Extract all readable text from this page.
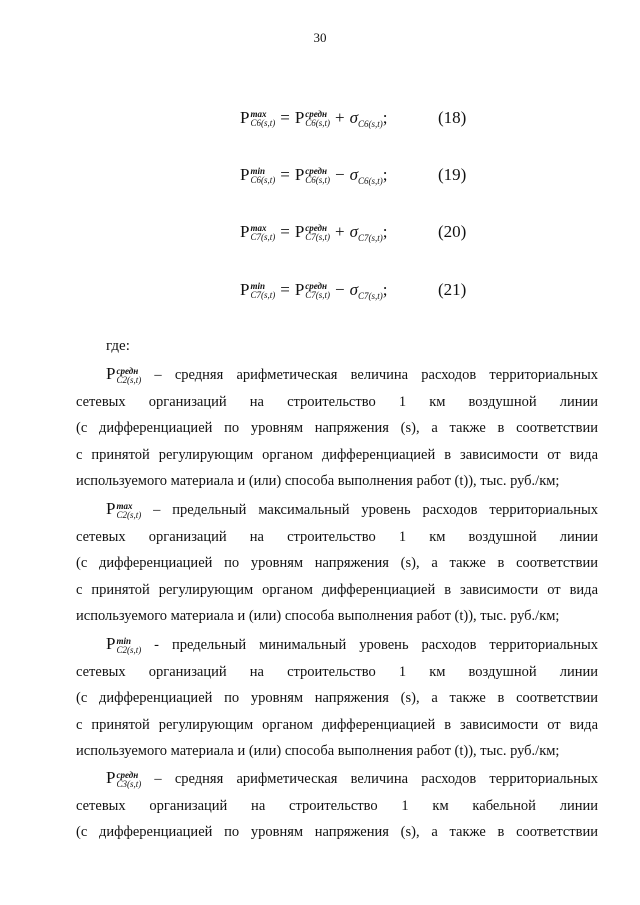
30
P max
C6(s,t) = P средн
$C6(s,t) + \sigma_{C6(s,t)}$;	(18)
P min
C6(s,t) = P средн
$C6(s,t) - \sigma_{C6(s,t)}$;	(19)
P max
C7(s,t) = P средн
$C7(s,t) + \sigma_{C7(s,t)}$;	(20)
P min
C7(s,t) = P средн
$C7(s,t) - \sigma_{C7(s,t)}$;	(21)
где:
P средн
C2(s,t) – средняя арифметическая величина расходов территориальных
сетевых организаций на строительство 1 км воздушной линии
(с дифференциацией по уровням напряжения (s), а также в соответствии
с принятой регулирующим органом дифференциацией в зависимости от вида
используемого материала и (или) способа выполнения работ (t)), тыс. руб./км;
P max
C2(s,t) – предельный максимальный уровень расходов территориальных
сетевых организаций на строительство 1 км воздушной линии
(с дифференциацией по уровням напряжения (s), а также в соответствии
с принятой регулирующим органом дифференциацией в зависимости от вида
используемого материала и (или) способа выполнения работ (t)), тыс. руб./км;
P min
C2(s,t) - предельный минимальный уровень расходов территориальных
сетевых организаций на строительство 1 км воздушной линии
(с дифференциацией по уровням напряжения (s), а также в соответствии
с принятой регулирующим органом дифференциацией в зависимости от вида
используемого материала и (или) способа выполнения работ (t)), тыс. руб./км;
P средн
C3(s,t) – средняя арифметическая величина расходов территориальных
сетевых организаций на строительство 1 км кабельной линии
(с дифференциацией по уровням напряжения (s), а также в соответствии
